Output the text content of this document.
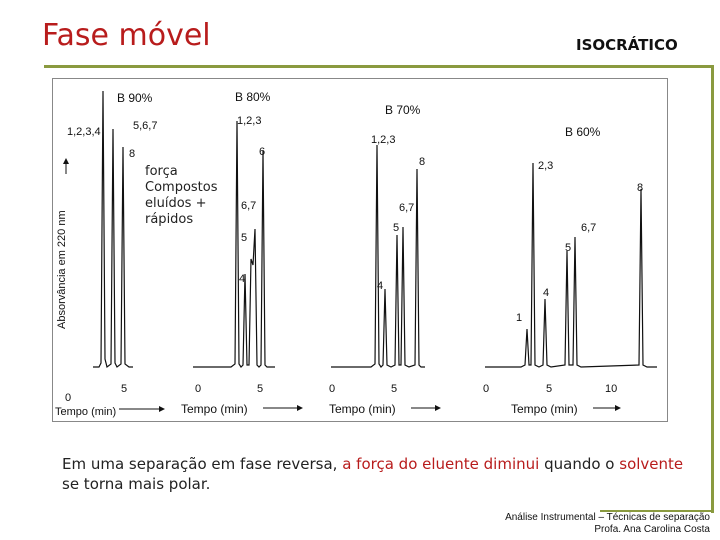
Fase móvel	ISOCRÁTICO
Absorvância em 220 nm
B 90%
1,2,3,4	5,6,7
8
5
0
Tempo (min)
B 80%
1,2,3
6
6,7
5
4
0	5
Tempo (min)
B 70%
1,2,3
8
6,7
5
4
0	5
Tempo (min)
B 60%
2,3
8
6,7
5
4
1
0	5	10
Tempo (min)
força
Compostos
eluídos +
rápidos
Em uma separação em fase reversa, a força do eluente diminui quando o solvente se torna mais polar.
Análise Instrumental – Técnicas de separação
Profa. Ana Carolina Costa
